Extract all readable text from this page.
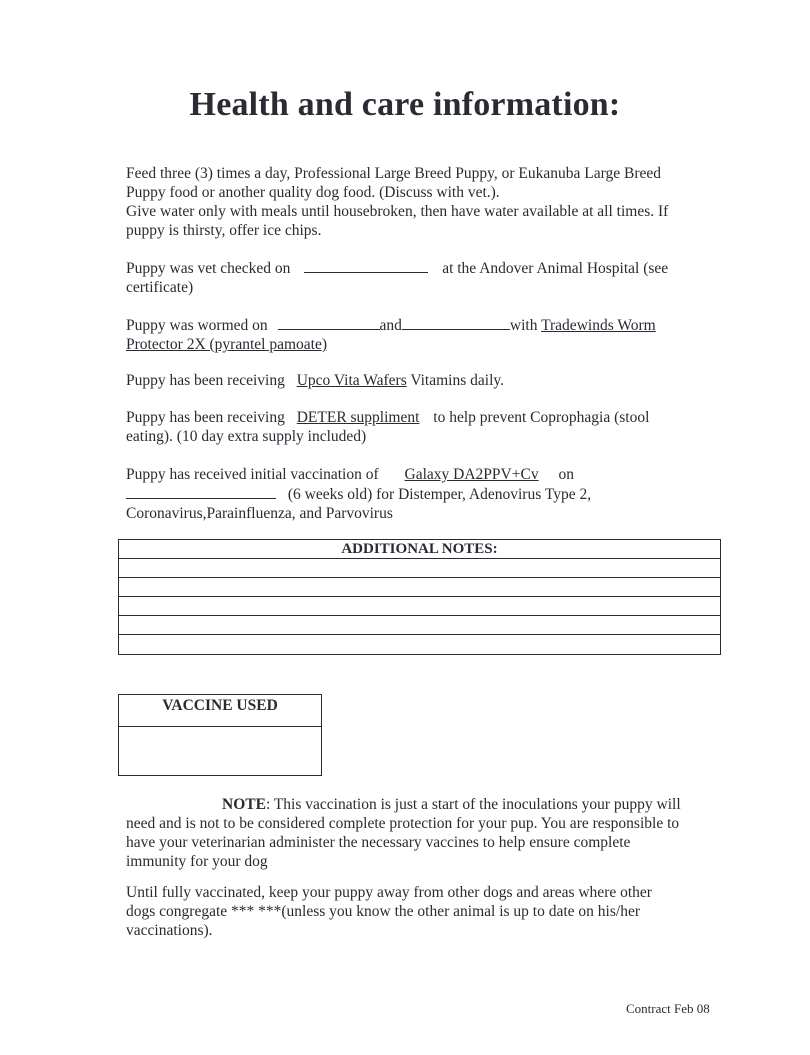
Health and care information:
Feed three (3) times a day, Professional Large Breed Puppy, or Eukanuba Large Breed
Puppy food or another quality dog food. (Discuss with vet.).
Give water only with meals until housebroken, then have water available at all times. If
puppy is thirsty, offer ice chips.
Puppy was vet checked on	at the Andover Animal Hospital (see
certificate)
Puppy was wormed on	and	with Tradewinds Worm
Protector 2X (pyrantel pamoate)
Puppy has been receiving Upco Vita Wafers Vitamins daily.
Puppy has been receiving DETER suppliment to help prevent Coprophagia (stool
eating). (10 day extra supply included)
Puppy has received initial vaccination of Galaxy DA2PPV+Cv on
(6 weeks old) for Distemper, Adenovirus Type 2,
Coronavirus,Parainfluenza, and Parvovirus
ADDITIONAL NOTES:
VACCINE USED
NOTE: This vaccination is just a start of the inoculations your puppy will
need and is not to be considered complete protection for your pup. You are responsible to
have your veterinarian administer the necessary vaccines to help ensure complete
immunity for your dog
Until fully vaccinated, keep your puppy away from other dogs and areas where other
dogs congregate *** ***(unless you know the other animal is up to date on his/her
vaccinations).
Contract Feb 08
